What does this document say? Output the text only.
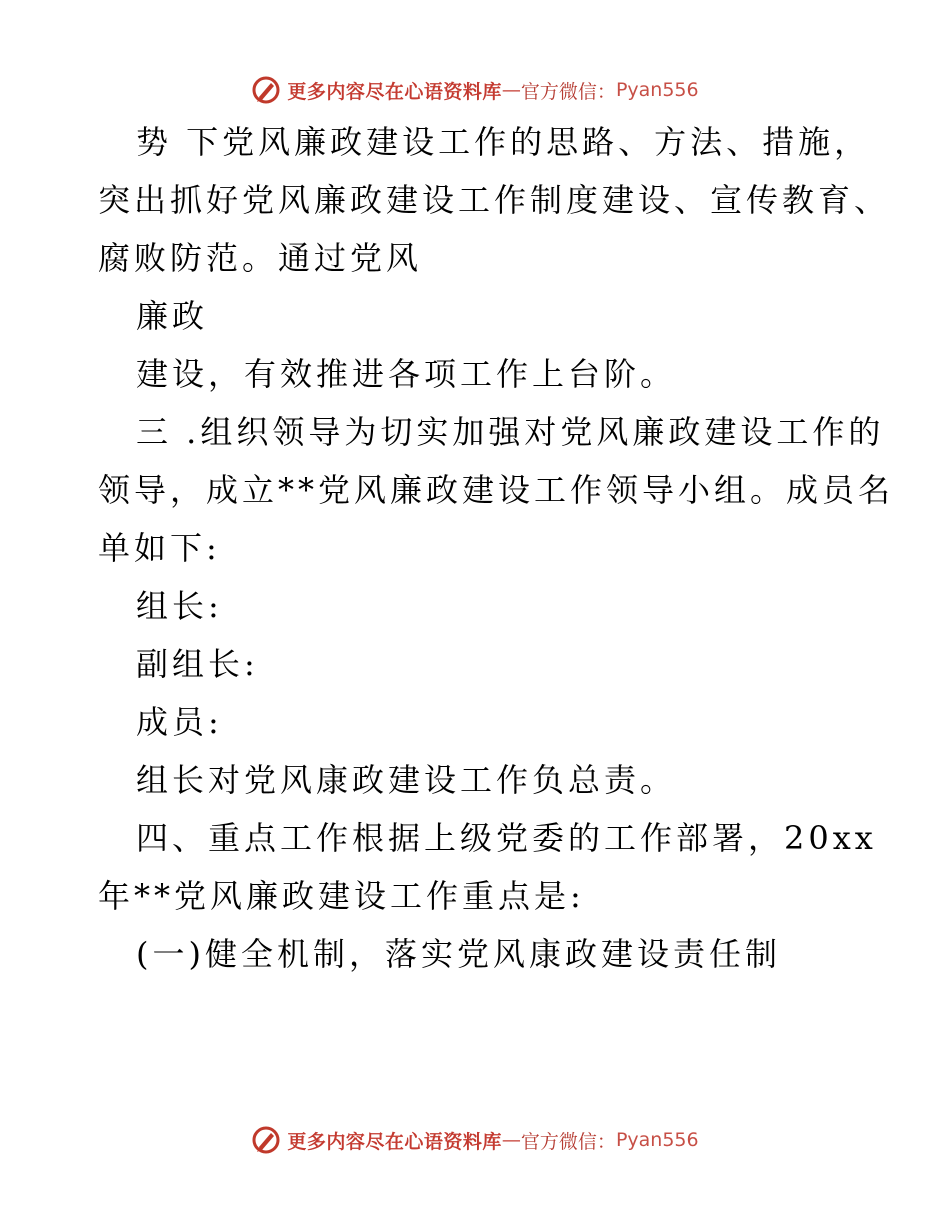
更多内容尽在心语资料库 — 官方微信： Pyan556
势 下党风廉政建设工作的思路、方法、措施，
突出抓好党风廉政建设工作制度建设、宣传教育、
腐败防范。通过党风
廉政
建设，有效推进各项工作上台阶。
三 .组织领导为切实加强对党风廉政建设工作的
领导，成立**党风廉政建设工作领导小组。成员名
单如下:
组长:
副组长:
成员:
组长对党风康政建设工作负总责。
四、重点工作根据上级党委的工作部署，20xx
年**党风廉政建设工作重点是:
(一)健全机制，落实党风康政建设责任制
更多内容尽在心语资料库 — 官方微信： Pyan556
